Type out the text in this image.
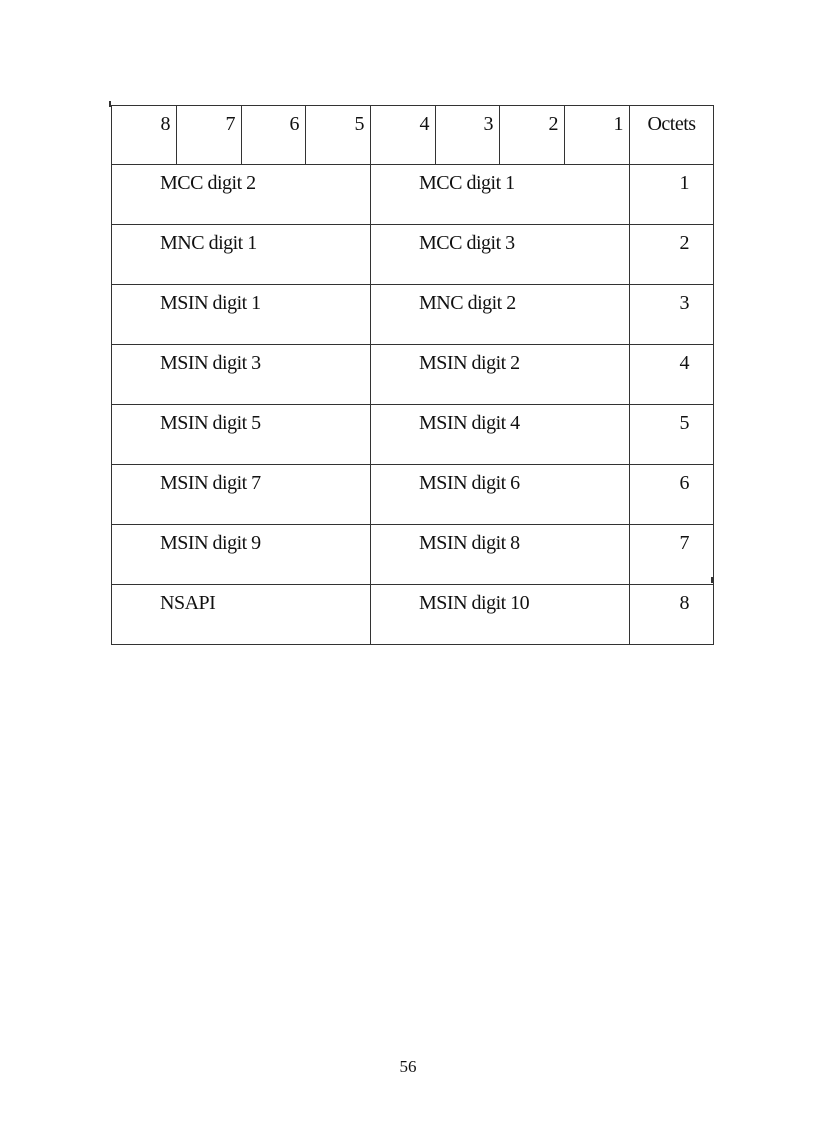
8	7	6	5	4	3	2	1	Octets
MCC digit 2				MCC digit 1				1
MNC digit 1				MCC digit 3				2
MSIN digit 1				MNC digit 2				3
MSIN digit 3				MSIN digit 2				4
MSIN digit 5				MSIN digit 4				5
MSIN digit 7				MSIN digit 6				6
MSIN digit 9				MSIN digit 8				7
NSAPI				MSIN digit 10				8
56
